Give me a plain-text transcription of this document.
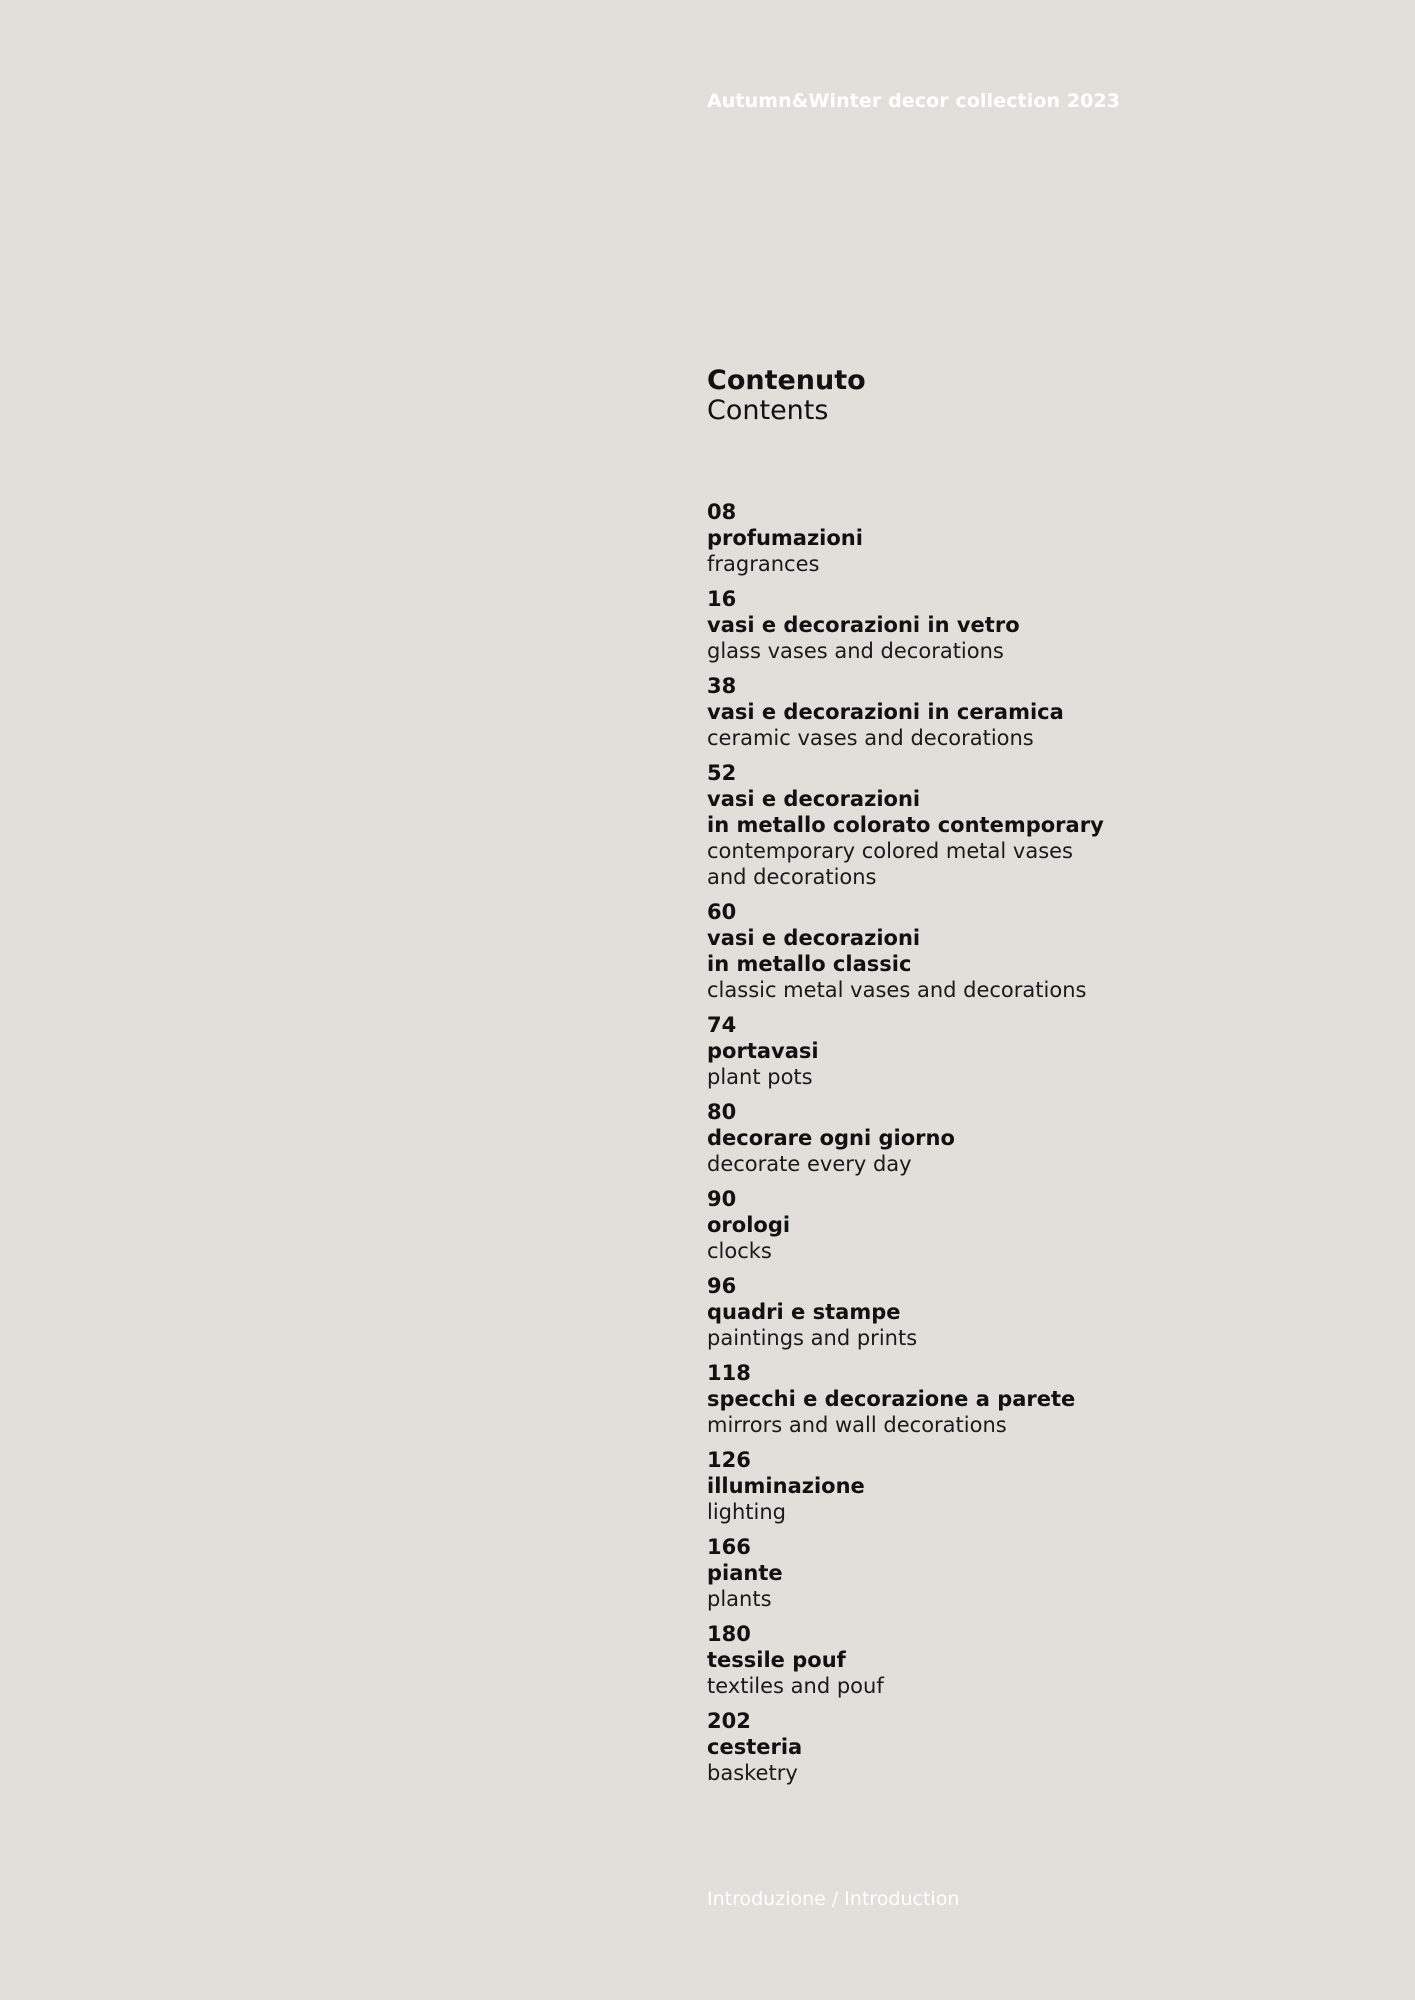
Autumn&Winter decor collection 2023
Contenuto
Contents
08
profumazioni
fragrances
16
vasi e decorazioni in vetro
glass vases and decorations
38
vasi e decorazioni in ceramica
ceramic vases and decorations
52
vasi e decorazioni
in metallo colorato contemporary
contemporary colored metal vases
and decorations
60
vasi e decorazioni
in metallo classic
classic metal vases and decorations
74
portavasi
plant pots
80
decorare ogni giorno
decorate every day
90
orologi
clocks
96
quadri e stampe
paintings and prints
118
specchi e decorazione a parete
mirrors and wall decorations
126
illuminazione
lighting
166
piante
plants
180
tessile pouf
textiles and pouf
202
cesteria
basketry
Introduzione / Introduction
